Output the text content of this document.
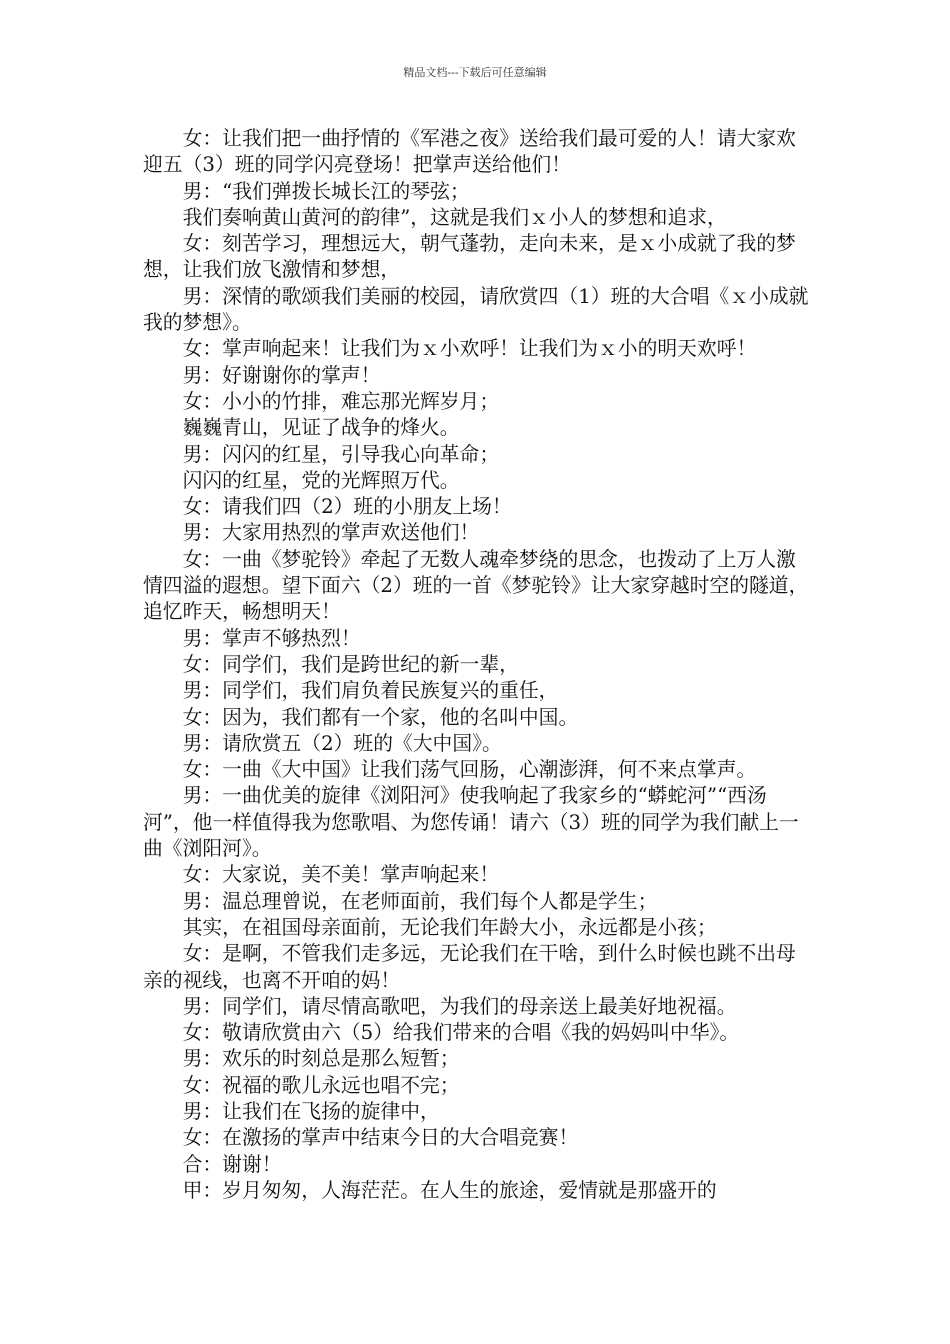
精品文档---下载后可任意编辑

女：让我们把一曲抒情的《军港之夜》送给我们最可爱的人！请大家欢迎五（3）班的同学闪亮登场！把掌声送给他们！

男：“我们弹拨长城长江的琴弦；

我们奏响黄山黄河的韵律”，这就是我们ｘ小人的梦想和追求，

女：刻苦学习，理想远大，朝气蓬勃，走向未来，是ｘ小成就了我的梦想，让我们放飞激情和梦想，

男：深情的歌颂我们美丽的校园，请欣赏四（1）班的大合唱《ｘ小成就我的梦想》。

女：掌声响起来！让我们为ｘ小欢呼！让我们为ｘ小的明天欢呼！

男：好谢谢你的掌声！

女：小小的竹排，难忘那光辉岁月；

巍巍青山，见证了战争的烽火。

男：闪闪的红星，引导我心向革命；

闪闪的红星，党的光辉照万代。

女：请我们四（2）班的小朋友上场！

男：大家用热烈的掌声欢送他们！

女：一曲《梦驼铃》牵起了无数人魂牵梦绕的思念，也拨动了上万人激情四溢的遐想。望下面六（2）班的一首《梦驼铃》让大家穿越时空的隧道，追忆昨天，畅想明天！

男：掌声不够热烈！

女：同学们，我们是跨世纪的新一辈，

男：同学们，我们肩负着民族复兴的重任，

女：因为，我们都有一个家，他的名叫中国。

男：请欣赏五（2）班的《大中国》。

女：一曲《大中国》让我们荡气回肠，心潮澎湃，何不来点掌声。

男：一曲优美的旋律《浏阳河》使我响起了我家乡的“蟒蛇河”“西汤河”，他一样值得我为您歌唱、为您传诵！请六（3）班的同学为我们献上一曲《浏阳河》。

女：大家说，美不美！掌声响起来！

男：温总理曾说，在老师面前，我们每个人都是学生；

其实，在祖国母亲面前，无论我们年龄大小，永远都是小孩；

女：是啊，不管我们走多远，无论我们在干啥，到什么时候也跳不出母亲的视线，也离不开咱的妈！

男：同学们，请尽情高歌吧，为我们的母亲送上最美好地祝福。

女：敬请欣赏由六（5）给我们带来的合唱《我的妈妈叫中华》。

男：欢乐的时刻总是那么短暂；

女：祝福的歌儿永远也唱不完；

男：让我们在飞扬的旋律中，

女：在激扬的掌声中结束今日的大合唱竞赛！

合：谢谢！

甲：岁月匆匆，人海茫茫。在人生的旅途，爱情就是那盛开的
